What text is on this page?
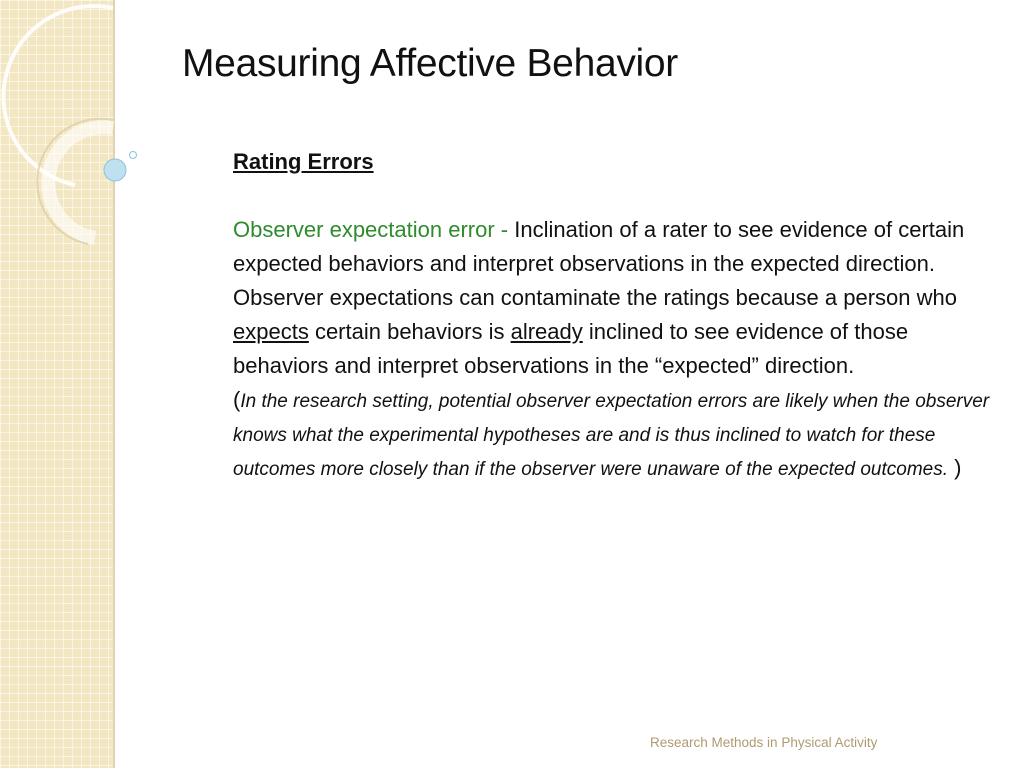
Measuring Affective Behavior
Rating Errors
Observer expectation error - Inclination of a rater to see evidence of certain expected behaviors and interpret observations in the expected direction. Observer expectations can contaminate the ratings because a person who expects certain behaviors is already inclined to see evidence of those behaviors and interpret observations in the “expected” direction.
(In the research setting, potential observer expectation errors are likely when the observer knows what the experimental hypotheses are and is thus inclined to watch for these outcomes more closely than if the observer were unaware of the expected outcomes. )
Research Methods in Physical Activity
